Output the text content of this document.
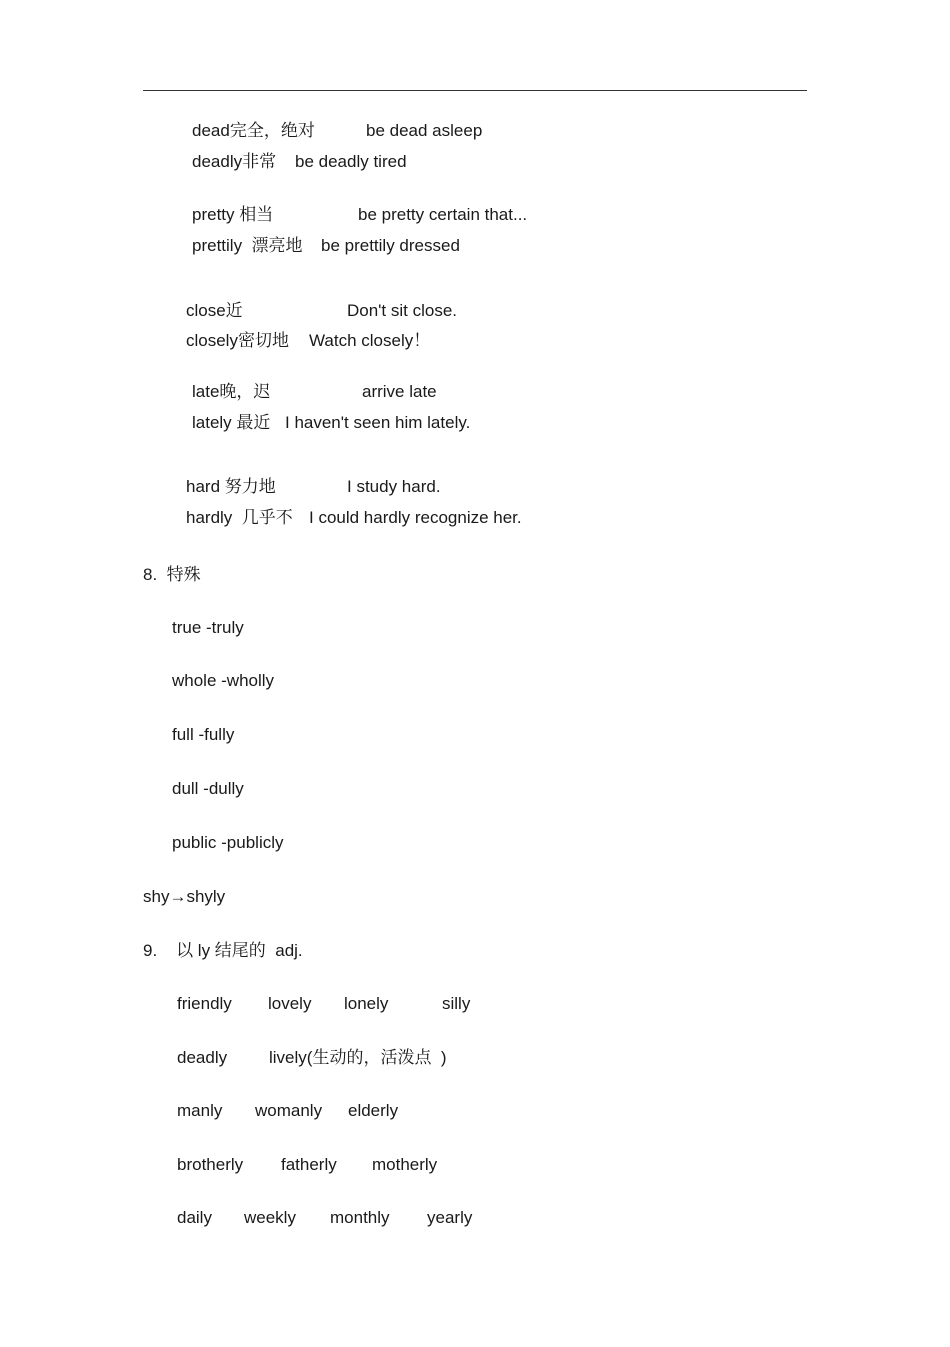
dead完全，绝对	be dead asleep
deadly非常 be deadly tired
pretty 相当	be pretty certain that...
prettily  漂亮地 be prettily dressed
close近	Don't sit close.
closely密切地 Watch closely！
late晚，迟	arrive late
lately 最近 I haven't seen him lately.
hard 努力地	I study hard.
hardly  几乎不 I could hardly recognize her.
8.  特殊
true -truly
whole -wholly
full -fully
dull -dully
public -publicly
shy→shyly
9.    以 ly 结尾的  adj.
friendly lovely lonely	silly
deadly lively(生动的，活泼点  )
manly womanly elderly
brotherly fatherly motherly
daily weekly monthly yearly
